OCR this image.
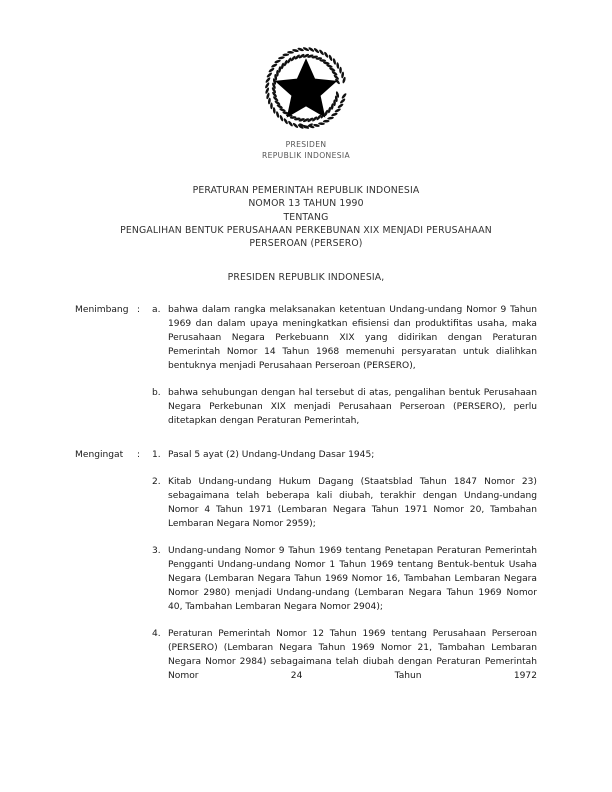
PRESIDEN
REPUBLIK INDONESIA
PERATURAN PEMERINTAH REPUBLIK INDONESIA
NOMOR 13 TAHUN 1990
TENTANG
PENGALIHAN BENTUK PERUSAHAAN PERKEBUNAN XIX MENJADI PERUSAHAAN
PERSEROAN (PERSERO)
PRESIDEN REPUBLIK INDONESIA,
Menimbang :	a. bahwa dalam rangka melaksanakan ketentuan Undang-undang Nomor 9 Tahun 1969 dan dalam upaya meningkatkan efisiensi dan produktifitas usaha, maka Perusahaan Negara Perkebuann XIX yang didirikan dengan Peraturan Pemerintah Nomor 14 Tahun 1968 memenuhi persyaratan untuk dialihkan bentuknya menjadi Perusahaan Perseroan (PERSERO),
b. bahwa sehubungan dengan hal tersebut di atas, pengalihan bentuk Perusahaan Negara Perkebunan XIX menjadi Perusahaan Perseroan (PERSERO), perlu ditetapkan dengan Peraturan Pemerintah,
Mengingat	:	1. Pasal 5 ayat (2) Undang-Undang Dasar 1945;
2. Kitab Undang-undang Hukum Dagang (Staatsblad Tahun 1847 Nomor 23) sebagaimana telah beberapa kali diubah, terakhir dengan Undang-undang Nomor 4 Tahun 1971 (Lembaran Negara Tahun 1971 Nomor 20, Tambahan Lembaran Negara Nomor 2959);
3. Undang-undang Nomor 9 Tahun 1969 tentang Penetapan Peraturan Pemerintah Pengganti Undang-undang Nomor 1 Tahun 1969 tentang Bentuk-bentuk Usaha Negara (Lembaran Negara Tahun 1969 Nomor 16, Tambahan Lembaran Negara Nomor 2980) menjadi Undang-undang (Lembaran Negara Tahun 1969 Nomor 40, Tambahan Lembaran Negara Nomor 2904);
4. Peraturan Pemerintah Nomor 12 Tahun 1969 tentang Perusahaan Perseroan (PERSERO) (Lembaran Negara Tahun 1969 Nomor 21, Tambahan Lembaran Negara Nomor 2984) sebagaimana telah diubah dengan Peraturan Pemerintah Nomor 24 Tahun 1972
